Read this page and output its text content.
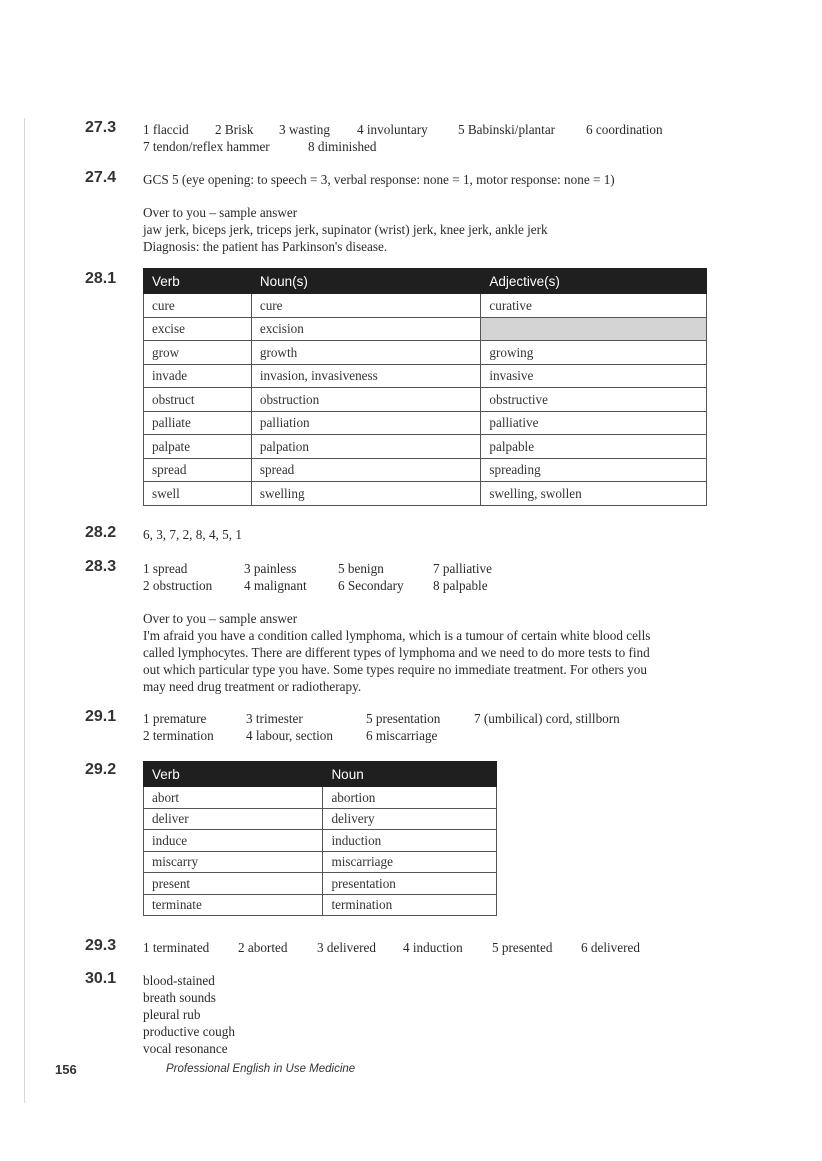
27.3 1 flaccid	2 Brisk	3 wasting	4 involuntary	5 Babinski/plantar	6 coordination
7 tendon/reflex hammer	8 diminished
27.4 GCS 5 (eye opening: to speech = 3, verbal response: none = 1, motor response: none = 1)
Over to you – sample answer
jaw jerk, biceps jerk, triceps jerk, supinator (wrist) jerk, knee jerk, ankle jerk
Diagnosis: the patient has Parkinson's disease.
28.1	Verb	Noun(s)	Adjective(s)
cure	cure	curative
excise	excision	
grow	growth	growing
invade	invasion, invasiveness	invasive
obstruct	obstruction	obstructive
palliate	palliation	palliative
palpate	palpation	palpable
spread	spread	spreading
swell	swelling	swelling, swollen
28.2 6, 3, 7, 2, 8, 4, 5, 1
28.3 1 spread	3 painless	5 benign	7 palliative
2 obstruction	4 malignant	6 Secondary	8 palpable
Over to you – sample answer
I'm afraid you have a condition called lymphoma, which is a tumour of certain white blood cells
called lymphocytes. There are different types of lymphoma and we need to do more tests to find
out which particular type you have. Some types require no immediate treatment. For others you
may need drug treatment or radiotherapy.
29.1 1 premature	3 trimester	5 presentation	7 (umbilical) cord, stillborn
2 termination	4 labour, section	6 miscarriage
29.2	Verb	Noun
abort	abortion
deliver	delivery
induce	induction
miscarry	miscarriage
present	presentation
terminate	termination
29.3 1 terminated	2 aborted	3 delivered	4 induction	5 presented	6 delivered
30.1 blood-stained
breath sounds
pleural rub
productive cough
vocal resonance
156	Professional English in Use Medicine
